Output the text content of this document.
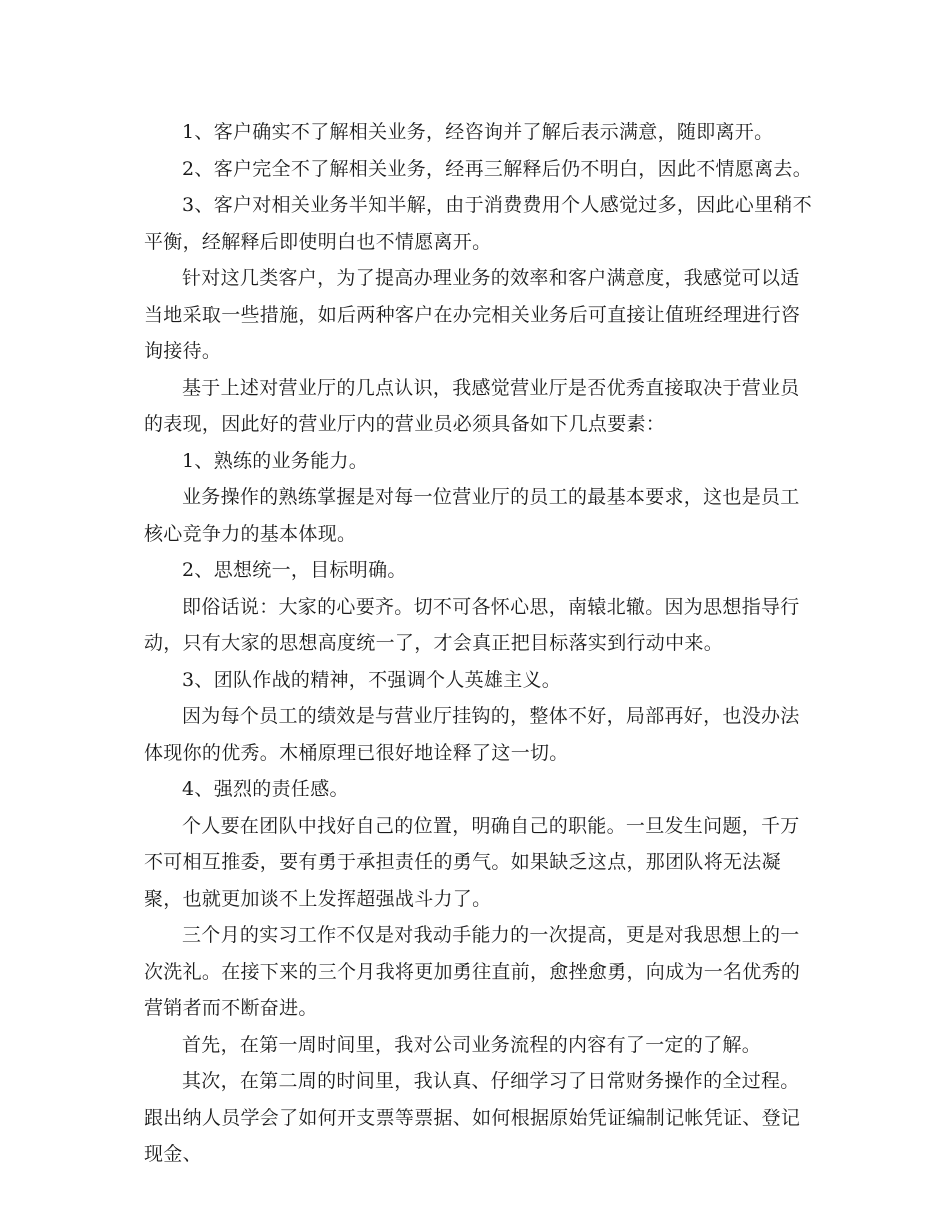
1、客户确实不了解相关业务，经咨询并了解后表示满意，随即离开。

2、客户完全不了解相关业务，经再三解释后仍不明白，因此不情愿离去。

3、客户对相关业务半知半解，由于消费费用个人感觉过多，因此心里稍不平衡，经解释后即使明白也不情愿离开。

针对这几类客户，为了提高办理业务的效率和客户满意度，我感觉可以适当地采取一些措施，如后两种客户在办完相关业务后可直接让值班经理进行咨询接待。

基于上述对营业厅的几点认识，我感觉营业厅是否优秀直接取决于营业员的表现，因此好的营业厅内的营业员必须具备如下几点要素：

1、熟练的业务能力。

业务操作的熟练掌握是对每一位营业厅的员工的最基本要求，这也是员工核心竞争力的基本体现。

2、思想统一，目标明确。

即俗话说：大家的心要齐。切不可各怀心思，南辕北辙。因为思想指导行动，只有大家的思想高度统一了，才会真正把目标落实到行动中来。

3、团队作战的精神，不强调个人英雄主义。

因为每个员工的绩效是与营业厅挂钩的，整体不好，局部再好，也没办法体现你的优秀。木桶原理已很好地诠释了这一切。

4、强烈的责任感。

个人要在团队中找好自己的位置，明确自己的职能。一旦发生问题，千万不可相互推委，要有勇于承担责任的勇气。如果缺乏这点，那团队将无法凝聚，也就更加谈不上发挥超强战斗力了。

三个月的实习工作不仅是对我动手能力的一次提高，更是对我思想上的一次洗礼。在接下来的三个月我将更加勇往直前，愈挫愈勇，向成为一名优秀的营销者而不断奋进。

首先，在第一周时间里，我对公司业务流程的内容有了一定的了解。

其次，在第二周的时间里，我认真、仔细学习了日常财务操作的全过程。跟出纳人员学会了如何开支票等票据、如何根据原始凭证编制记帐凭证、登记现金、
